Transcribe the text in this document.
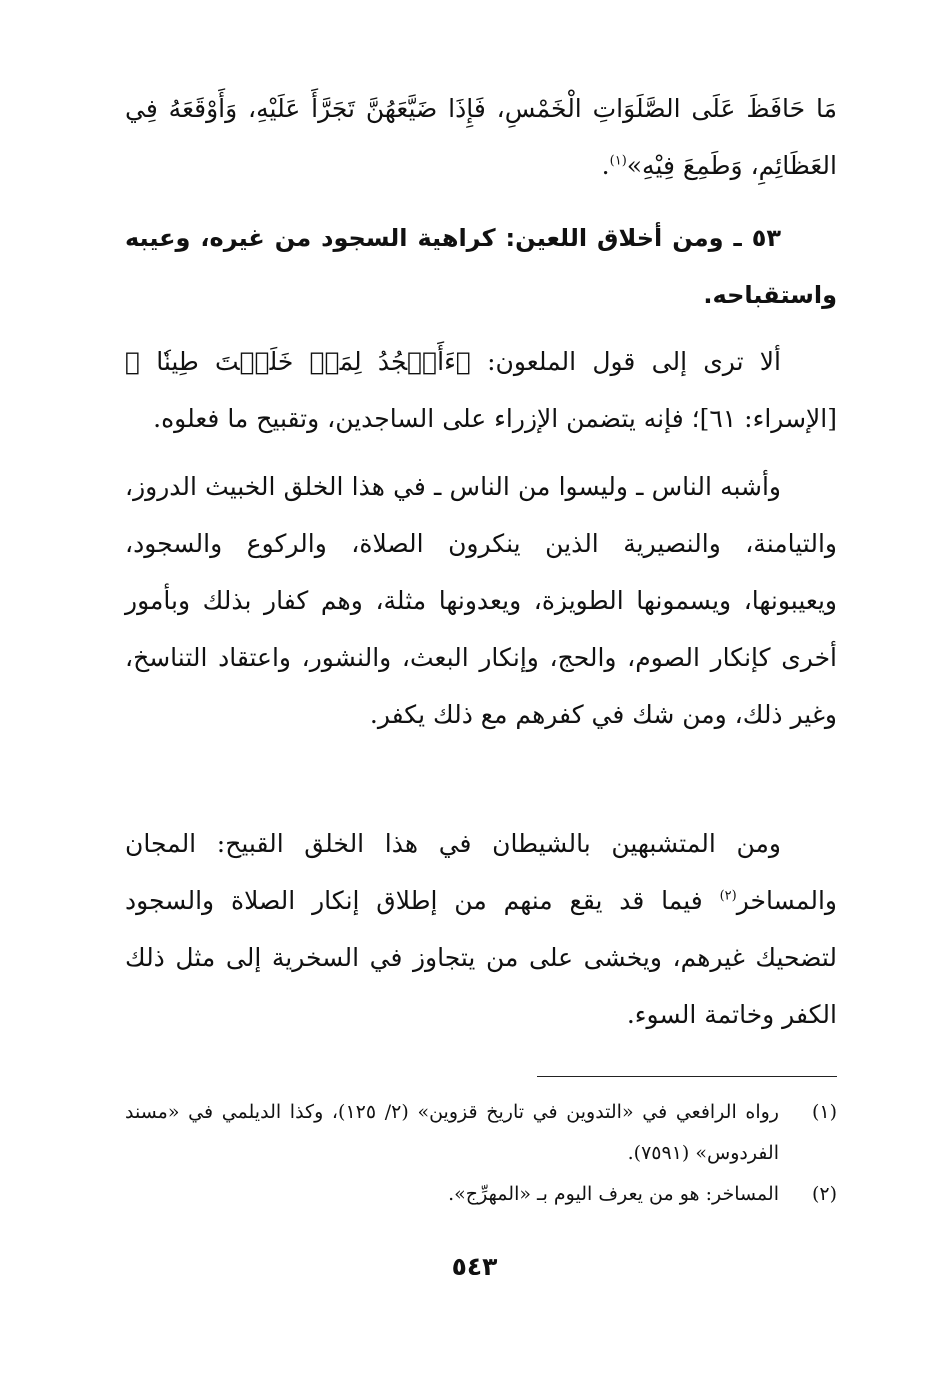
مَا حَافَظَ عَلَى الصَّلَوَاتِ الْخَمْسِ، فَإِذَا ضَيَّعَهُنَّ تَجَرَّأَ عَلَيْهِ، وَأَوْقَعَهُ فِي العَظَائِمِ، وَطَمِعَ فِيْهِ»$^{(١)}$.

٥٣ ـ ومن أخلاق اللعين: كراهية السجود من غيره، وعيبه واستقباحه.

ألا ترى إلى قول الملعون: ﴿ءَأَسۡجُدُ لِمَنۡ خَلَقۡتَ طِينٗا ﴾[الإسراء: ٦١]؛ فإنه يتضمن الإزراء على الساجدين، وتقبيح ما فعلوه.

وأشبه الناس ـ وليسوا من الناس ـ في هذا الخلق الخبيث الدروز، والتيامنة، والنصيرية الذين ينكرون الصلاة، والركوع والسجود، ويعيبونها، ويسمونها الطويزة، ويعدونها مثلة، وهم كفار بذلك وبأمور أخرى كإنكار الصوم، والحج، وإنكار البعث، والنشور، واعتقاد التناسخ، وغير ذلك، ومن شك في كفرهم مع ذلك يكفر.

ومن المتشبهين بالشيطان في هذا الخلق القبيح: المجان والمساخر$^{(٢)}$ فيما قد يقع منهم من إطلاق إنكار الصلاة والسجود لتضحيك غيرهم، ويخشى على من يتجاوز في السخرية إلى مثل ذلك الكفر وخاتمة السوء.

(١)
رواه الرافعي في «التدوين في تاريخ قزوين» (٢/ ١٢٥)، وكذا الديلمي في «مسند الفردوس» (٧٥٩١).
(٢)
المساخر: هو من يعرف اليوم بـ «المهرِّج».
٥٤٣
